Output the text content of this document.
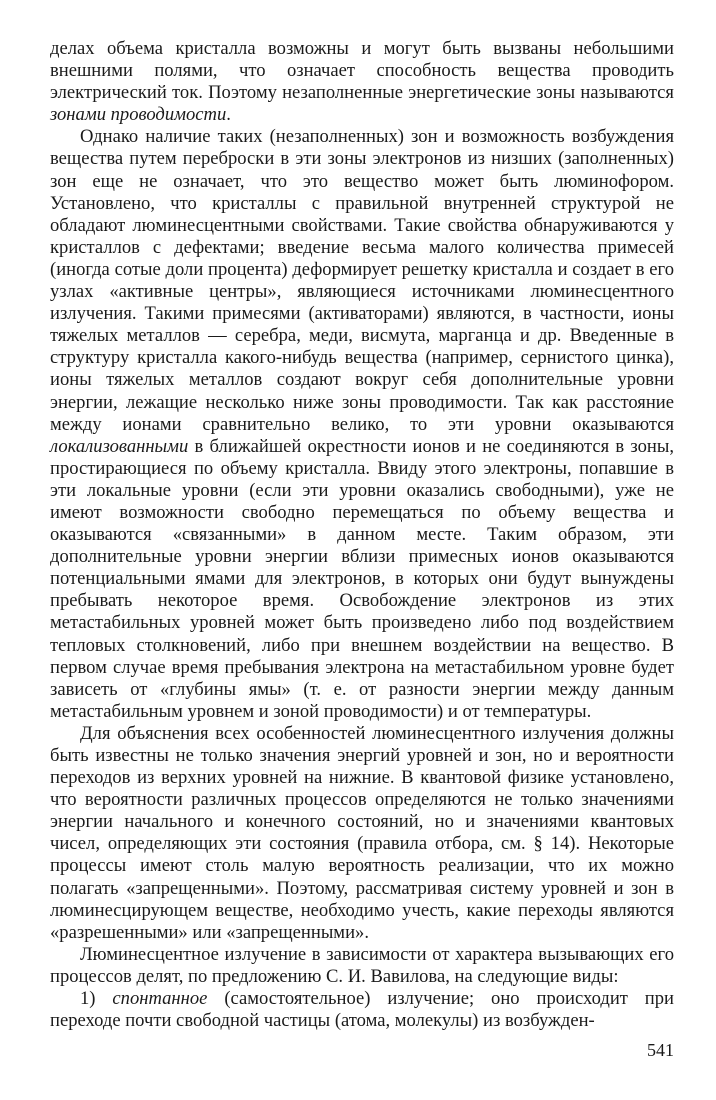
делах объема кристалла возможны и могут быть вызваны небольшими внешними полями, что означает способность вещества проводить электрический ток. Поэтому незаполненные энергетические зоны называются зонами проводимости.

Однако наличие таких (незаполненных) зон и возможность возбуждения вещества путем переброски в эти зоны электронов из низших (заполненных) зон еще не означает, что это вещество может быть люминофором. Установлено, что кристаллы с правильной внутренней структурой не обладают люминесцентными свойствами. Такие свойства обнаруживаются у кристаллов с дефектами; введение весьма малого количества примесей (иногда сотые доли процента) деформирует решетку кристалла и создает в его узлах «активные центры», являющиеся источниками люминесцентного излучения. Такими примесями (активаторами) являются, в частности, ионы тяжелых металлов — серебра, меди, висмута, марганца и др. Введенные в структуру кристалла какого-нибудь вещества (например, сернистого цинка), ионы тяжелых металлов создают вокруг себя дополнительные уровни энергии, лежащие несколько ниже зоны проводимости. Так как расстояние между ионами сравнительно велико, то эти уровни оказываются локализованными в ближайшей окрестности ионов и не соединяются в зоны, простирающиеся по объему кристалла. Ввиду этого электроны, попавшие в эти локальные уровни (если эти уровни оказались свободными), уже не имеют возможности свободно перемещаться по объему вещества и оказываются «связанными» в данном месте. Таким образом, эти дополнительные уровни энергии вблизи примесных ионов оказываются потенциальными ямами для электронов, в которых они будут вынуждены пребывать некоторое время. Освобождение электронов из этих метастабильных уровней может быть произведено либо под воздействием тепловых столкновений, либо при внешнем воздействии на вещество. В первом случае время пребывания электрона на метастабильном уровне будет зависеть от «глубины ямы» (т. е. от разности энергии между данным метастабильным уровнем и зоной проводимости) и от температуры.

Для объяснения всех особенностей люминесцентного излучения должны быть известны не только значения энергий уровней и зон, но и вероятности переходов из верхних уровней на нижние. В квантовой физике установлено, что вероятности различных процессов определяются не только значениями энергии начального и конечного состояний, но и значениями квантовых чисел, определяющих эти состояния (правила отбора, см. § 14). Некоторые процессы имеют столь малую вероятность реализации, что их можно полагать «запрещенными». Поэтому, рассматривая систему уровней и зон в люминесцирующем веществе, необходимо учесть, какие переходы являются «разрешенными» или «запрещенными».

Люминесцентное излучение в зависимости от характера вызывающих его процессов делят, по предложению С. И. Вавилова, на следующие виды:

1) спонтанное (самостоятельное) излучение; оно происходит при переходе почти свободной частицы (атома, молекулы) из возбужден-

541
